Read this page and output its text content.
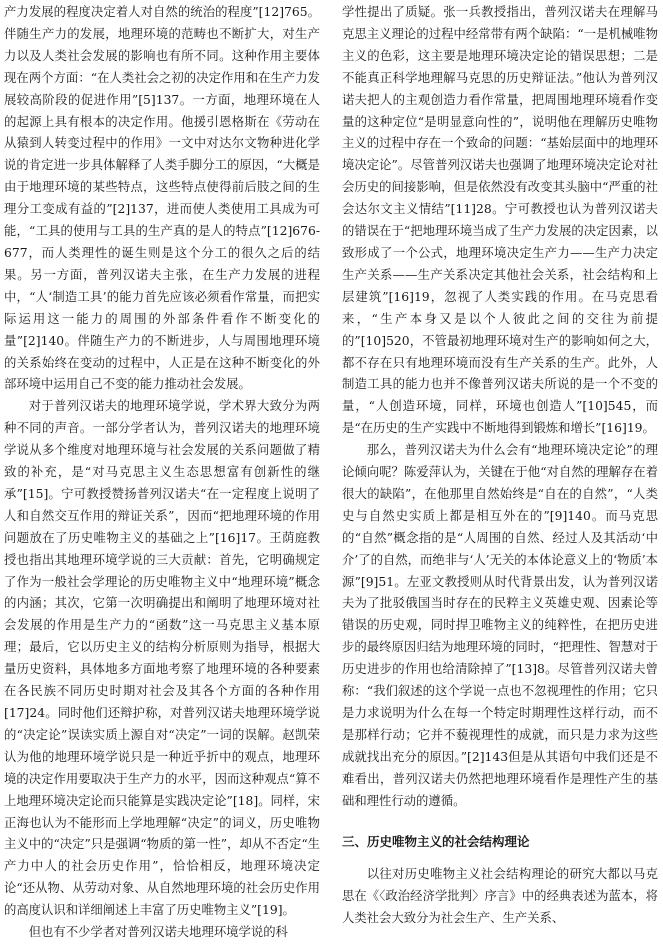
产力发展的程度决定着人对自然的统治的程度”[12]765。伴随生产力的发展，地理环境的范畴也不断扩大，对生产力以及人类社会发展的影响也有所不同。这种作用主要体现在两个方面：“在人类社会之初的决定作用和在生产力发展较高阶段的促进作用”[5]137。一方面，地理环境在人的起源上具有根本的决定作用。他援引恩格斯在《劳动在从猿到人转变过程中的作用》一文中对达尔文物种进化学说的肯定进一步具体解释了人类手脚分工的原因，“大概是由于地理环境的某些特点，这些特点使得前后肢之间的生理分工变成有益的”[2]137，进而使人类使用工具成为可能，“工具的使用与工具的生产真的是人的特点”[12]676-677，而人类理性的诞生则是这个分工的很久之后的结果。另一方面，普列汉诺夫主张，在生产力发展的进程中，“人‘制造工具’的能力首先应该必须看作常量，而把实际运用这一能力的周围的外部条件看作不断变化的量”[2]140。伴随生产力的不断进步，人与周围地理环境的关系始终在变动的过程中，人正是在这种不断变化的外部环境中运用自己不变的能力推动社会发展。

对于普列汉诺夫的地理环境学说，学术界大致分为两种不同的声音。一部分学者认为，普列汉诺夫的地理环境学说从多个维度对地理环境与社会发展的关系问题做了精致的补充，是“对马克思主义生态思想富有创新性的继承”[15]。宁可教授赞扬普列汉诺夫“在一定程度上说明了人和自然交互作用的辩证关系”，因而“把地理环境的作用问题放在了历史唯物主义的基础之上”[16]17。王荫庭教授也指出其地理环境学说的三大贡献：首先，它明确规定了作为一般社会学理论的历史唯物主义中“地理环境”概念的内涵；其次，它第一次明确提出和阐明了地理环境对社会发展的作用是生产力的“函数”这一马克思主义基本原理；最后，它以历史主义的结构分析原则为指导，根据大量历史资料，具体地多方面地考察了地理环境的各种要素在各民族不同历史时期对社会及其各个方面的各种作用[17]24。同时他们还辩护称，对普列汉诺夫地理环境学说的“决定论”误读实质上源自对“决定”一词的误解。赵凯荣认为他的地理环境学说只是一种近乎折中的观点，地理环境的决定作用要取决于生产力的水平，因而这种观点“算不上地理环境决定论而只能算是实践决定论”[18]。同样，宋正海也认为不能形而上学地理解“决定”的词义，历史唯物主义中的“决定”只是强调“物质的第一性”，却从不否定“生产力中人的社会历史作用”，恰恰相反，地理环境决定论“还从物、从劳动对象、从自然地理环境的社会历史作用的高度认识和详细阐述上丰富了历史唯物主义”[19]。

但也有不少学者对普列汉诺夫地理环境学说的科

学性提出了质疑。张一兵教授指出，普列汉诺夫在理解马克思主义理论的过程中经常带有两个缺陷：“一是机械唯物主义的色彩，这主要是地理环境决定论的错误思想；二是不能真正科学地理解马克思的历史辩证法。”他认为普列汉诺夫把人的主观创造力看作常量，把周围地理环境看作变量的这种定位“是明显意向性的”，说明他在理解历史唯物主义的过程中存在一个致命的问题：“基始层面中的地理环境决定论”。尽管普列汉诺夫也强调了地理环境决定论对社会历史的间接影响，但是依然没有改变其头脑中“严重的社会达尔文主义情结”[11]28。宁可教授也认为普列汉诺夫的错误在于“把地理环境当成了生产力发展的决定因素，以致形成了一个公式，地理环境决定生产力——生产力决定生产关系——生产关系决定其他社会关系，社会结构和上层建筑”[16]19，忽视了人类实践的作用。在马克思看来，“生产本身又是以个人彼此之间的交往为前提的”[10]520，不管最初地理环境对生产的影响如何之大，都不存在只有地理环境而没有生产关系的生产。此外，人制造工具的能力也并不像普列汉诺夫所说的是一个不变的量，“人创造环境，同样，环境也创造人”[10]545，而是“在历史的生产实践中不断地得到锻炼和增长”[16]19。

那么，普列汉诺夫为什么会有“地理环境决定论”的理论倾向呢？陈爱萍认为，关键在于他“对自然的理解存在着很大的缺陷”，在他那里自然始终是“自在的自然”，“人类史与自然史实质上都是相互外在的”[9]140。而马克思的“自然”概念指的是“人周围的自然、经过人及其活动‘中介’了的自然，而绝非与‘人’无关的本体论意义上的‘物质’本源”[9]51。左亚文教授则从时代背景出发，认为普列汉诺夫为了批驳俄国当时存在的民粹主义英雄史观、因素论等错误的历史观，同时捍卫唯物主义的纯粹性，在把历史进步的最终原因归结为地理环境的同时，“把理性、智慧对于历史进步的作用也给清除掉了”[13]8。尽管普列汉诺夫曾称：“我们叙述的这个学说一点也不忽视理性的作用；它只是力求说明为什么在每一个特定时期理性这样行动，而不是那样行动；它并不藐视理性的成就，而只是力求为这些成就找出充分的原因。”[2]143但是从其语句中我们还是不难看出，普列汉诺夫仍然把地理环境看作是理性产生的基础和理性行动的遵循。

三、历史唯物主义的社会结构理论

以往对历史唯物主义社会结构理论的研究大都以马克思在《〈政治经济学批判〉序言》中的经典表述为蓝本，将人类社会大致分为社会生产、生产关系、
